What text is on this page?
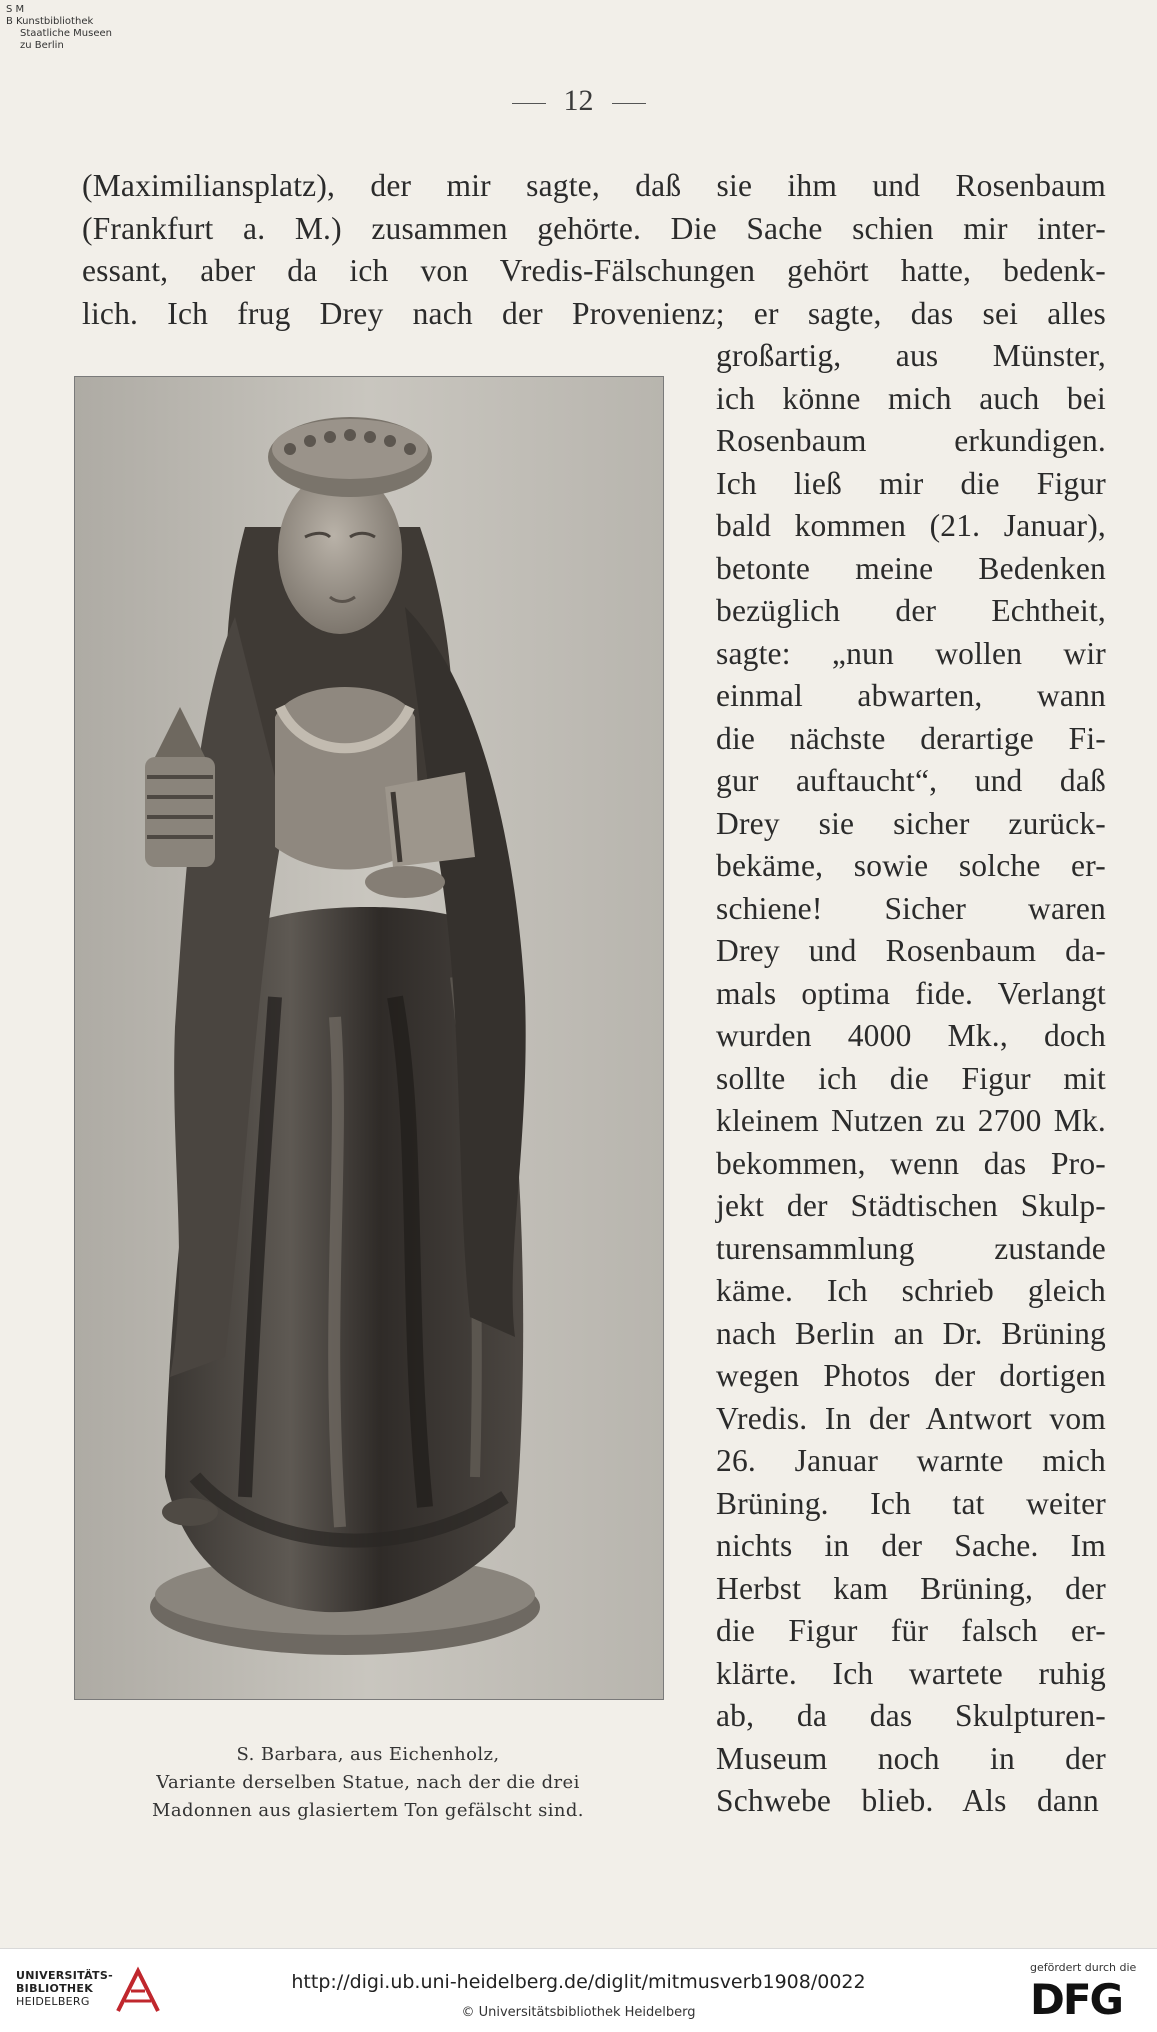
S M
B Kunstbibliothek
Staatliche Museen
zu Berlin
12
(Maximiliansplatz), der mir sagte, daß sie ihm und Rosenbaum
(Frankfurt a. M.) zusammen gehörte. Die Sache schien mir inter-
essant, aber da ich von Vredis-Fälschungen gehört hatte, bedenk-
lich. Ich frug Drey nach der Provenienz; er sagte, das sei alles
großartig, aus Münster,
ich könne mich auch bei
Rosenbaum erkundigen.
Ich ließ mir die Figur
bald kommen (21. Januar),
betonte meine Bedenken
bezüglich der Echtheit,
sagte: „nun wollen wir
einmal abwarten, wann
die nächste derartige Fi-
gur auftaucht“, und daß
Drey sie sicher zurück-
bekäme, sowie solche er-
schiene! Sicher waren
Drey und Rosenbaum da-
mals optima fide. Verlangt
wurden 4000 Mk., doch
sollte ich die Figur mit
kleinem Nutzen zu 2700 Mk.
bekommen, wenn das Pro-
jekt der Städtischen Skulp-
turensammlung zustande
käme. Ich schrieb gleich
nach Berlin an Dr. Brüning
wegen Photos der dortigen
Vredis. In der Antwort vom
26. Januar warnte mich
Brüning. Ich tat weiter
nichts in der Sache. Im
Herbst kam Brüning, der
die Figur für falsch er-
klärte. Ich wartete ruhig
ab, da das Skulpturen-
Museum noch in der
Schwebe blieb. Als dann
S. Barbara, aus Eichenholz,
Variante derselben Statue, nach der die drei
Madonnen aus glasiertem Ton gefälscht sind.
UNIVERSITÄTS-
BIBLIOTHEK
HEIDELBERG
http://digi.ub.uni-heidelberg.de/diglit/mitmusverb1908/0022
© Universitätsbibliothek Heidelberg
gefördert durch die
DFG
